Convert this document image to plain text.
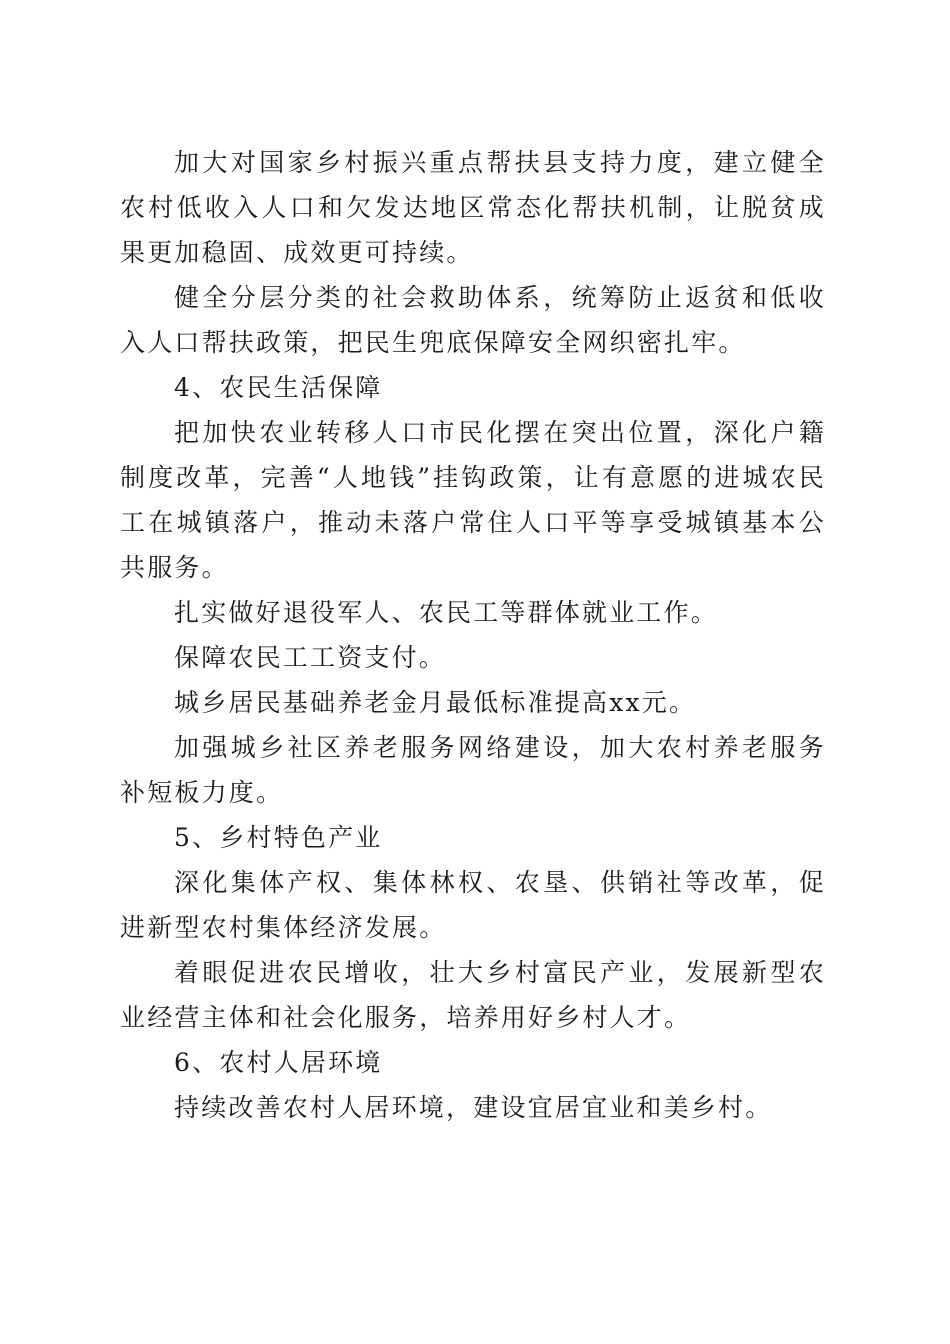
加大对国家乡村振兴重点帮扶县支持力度，建立健全农村低收入人口和欠发达地区常态化帮扶机制，让脱贫成果更加稳固、成效更可持续。

健全分层分类的社会救助体系，统筹防止返贫和低收入人口帮扶政策，把民生兜底保障安全网织密扎牢。

4、农民生活保障

把加快农业转移人口市民化摆在突出位置，深化户籍制度改革，完善“人地钱”挂钩政策，让有意愿的进城农民工在城镇落户，推动未落户常住人口平等享受城镇基本公共服务。

扎实做好退役军人、农民工等群体就业工作。

保障农民工工资支付。

城乡居民基础养老金月最低标准提高xx元。

加强城乡社区养老服务网络建设，加大农村养老服务补短板力度。

5、乡村特色产业

深化集体产权、集体林权、农垦、供销社等改革，促进新型农村集体经济发展。

着眼促进农民增收，壮大乡村富民产业，发展新型农业经营主体和社会化服务，培养用好乡村人才。

6、农村人居环境

持续改善农村人居环境，建设宜居宜业和美乡村。
